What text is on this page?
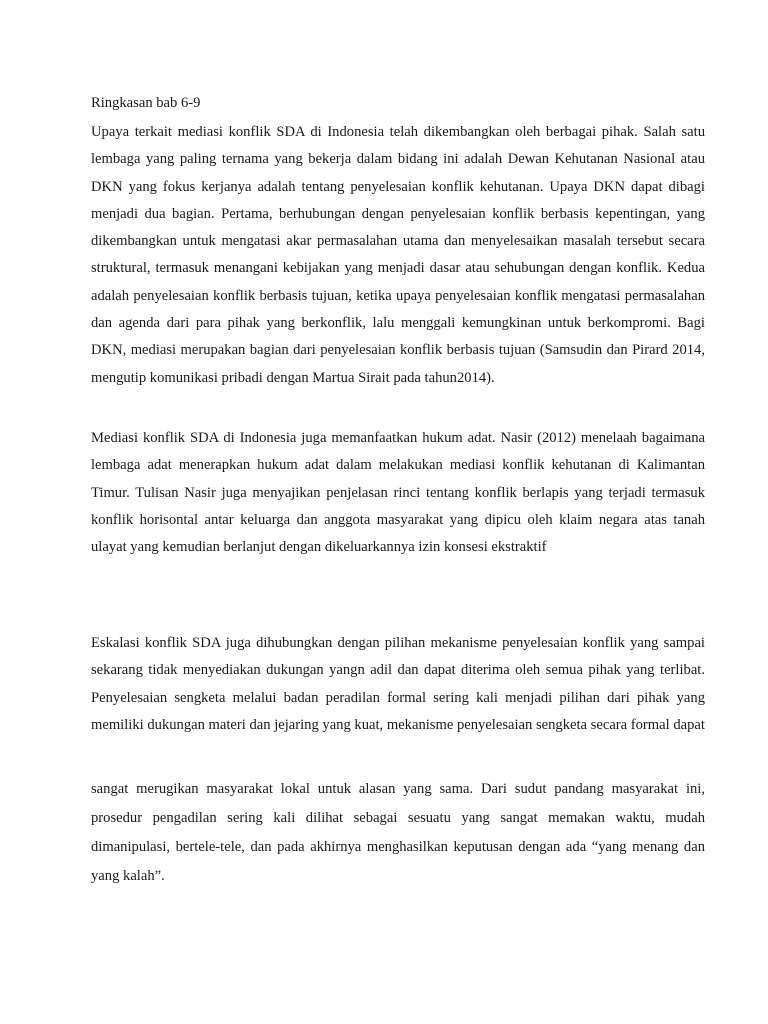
Ringkasan bab 6-9

Upaya terkait mediasi konflik SDA di Indonesia telah dikembangkan oleh berbagai pihak. Salah satu lembaga yang paling ternama yang bekerja dalam bidang ini adalah Dewan Kehutanan Nasional atau DKN yang fokus kerjanya adalah tentang penyelesaian konflik kehutanan. Upaya DKN dapat dibagi menjadi dua bagian. Pertama, berhubungan dengan penyelesaian konflik berbasis kepentingan, yang dikembangkan untuk mengatasi akar permasalahan utama dan menyelesaikan masalah tersebut secara struktural, termasuk menangani kebijakan yang menjadi dasar atau sehubungan dengan konflik. Kedua adalah penyelesaian konflik berbasis tujuan, ketika upaya penyelesaian konflik mengatasi permasalahan dan agenda dari para pihak yang berkonflik, lalu menggali kemungkinan untuk berkompromi. Bagi DKN, mediasi merupakan bagian dari penyelesaian konflik berbasis tujuan (Samsudin dan Pirard 2014, mengutip komunikasi pribadi dengan Martua Sirait pada tahun2014).

Mediasi konflik SDA di Indonesia juga memanfaatkan hukum adat. Nasir (2012) menelaah bagaimana lembaga adat menerapkan hukum adat dalam melakukan mediasi konflik kehutanan di Kalimantan Timur. Tulisan Nasir juga menyajikan penjelasan rinci tentang konflik berlapis yang terjadi termasuk konflik horisontal antar keluarga dan anggota masyarakat yang dipicu oleh klaim negara atas tanah ulayat yang kemudian berlanjut dengan dikeluarkannya izin konsesi ekstraktif

Eskalasi konflik SDA juga dihubungkan dengan pilihan mekanisme penyelesaian konflik yang sampai sekarang tidak menyediakan dukungan yangn adil dan dapat diterima oleh semua pihak yang terlibat. Penyelesaian sengketa melalui badan peradilan formal sering kali menjadi pilihan dari pihak yang memiliki dukungan materi dan jejaring yang kuat, mekanisme penyelesaian sengketa secara formal dapat

sangat merugikan masyarakat lokal untuk alasan yang sama. Dari sudut pandang masyarakat ini, prosedur pengadilan sering kali dilihat sebagai sesuatu yang sangat memakan waktu, mudah dimanipulasi, bertele-tele, dan pada akhirnya menghasilkan keputusan dengan ada “yang menang dan yang kalah”.
